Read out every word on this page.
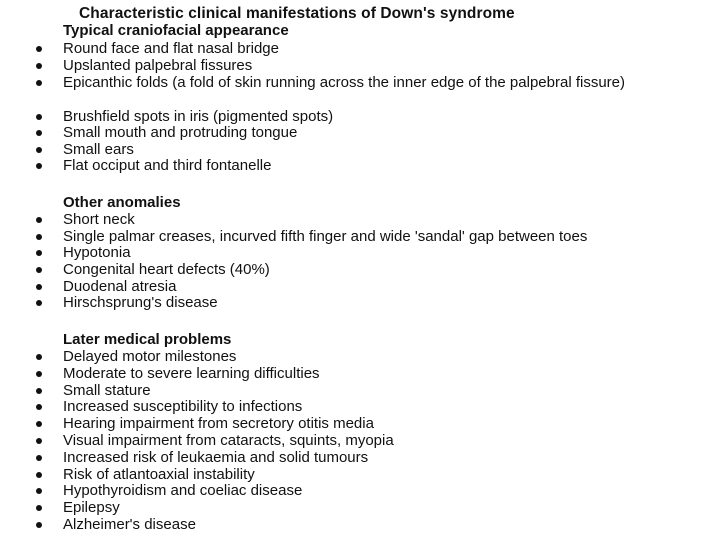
Characteristic clinical manifestations of Down's syndrome
Typical craniofacial appearance
Round face and flat nasal bridge
Upslanted palpebral fissures
Epicanthic folds (a fold of skin running across the inner edge of the palpebral fissure)
Brushfield spots in iris (pigmented spots)
Small mouth and protruding tongue
Small ears
Flat occiput and third fontanelle
Other anomalies
Short neck
Single palmar creases, incurved fifth finger and wide 'sandal' gap between toes
Hypotonia
Congenital heart defects (40%)
Duodenal atresia
Hirschsprung's disease
Later medical problems
Delayed motor milestones
Moderate to severe learning difficulties
Small stature
Increased susceptibility to infections
Hearing impairment from secretory otitis media
Visual impairment from cataracts, squints, myopia
Increased risk of leukaemia and solid tumours
Risk of atlantoaxial instability
Hypothyroidism and coeliac disease
Epilepsy
Alzheimer's disease
